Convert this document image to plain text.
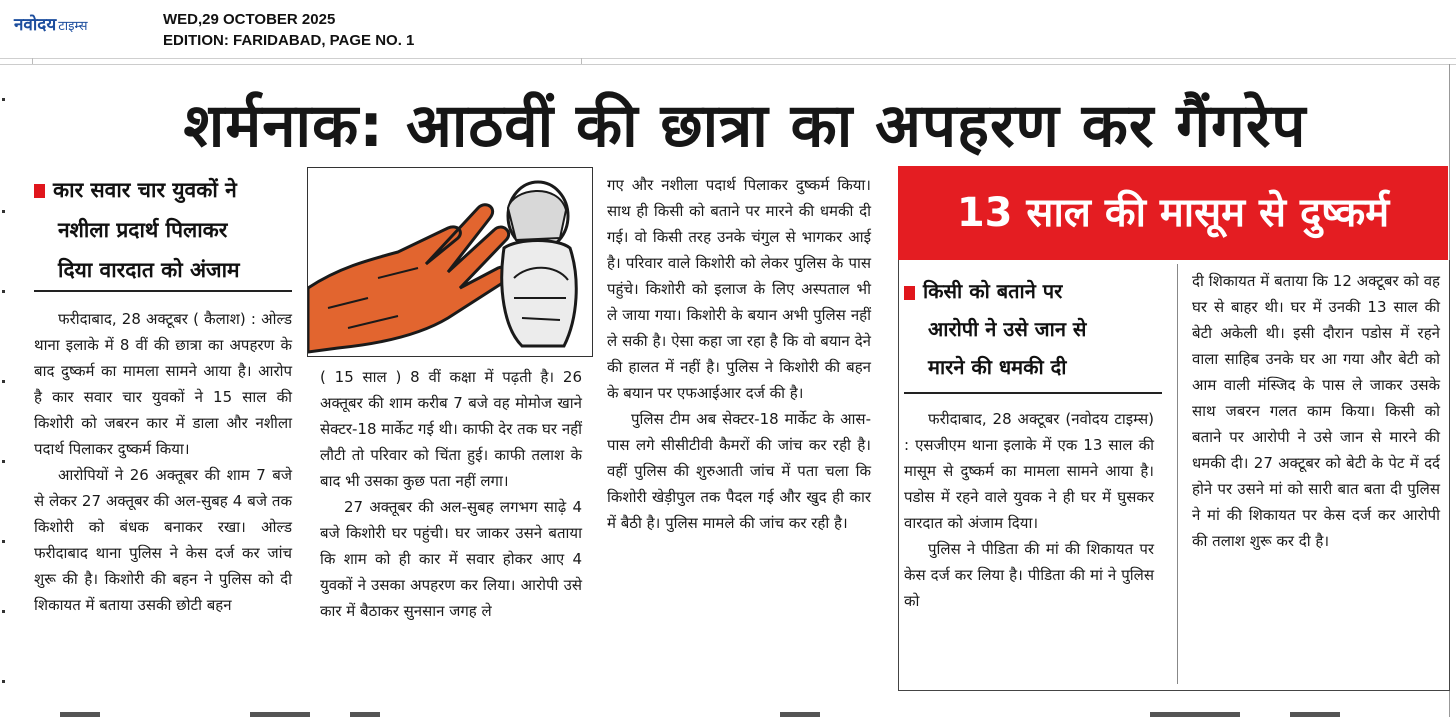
नवोदय टाइम्स	WED,29 OCTOBER 2025
EDITION: FARIDABAD, PAGE NO. 1
शर्मनाक: आठवीं की छात्रा का अपहरण कर गैंगरेप
कार सवार चार युवकों ने
नशीला प्रदार्थ पिलाकर
दिया वारदात को अंजाम

फरीदाबाद, 28 अक्टूबर ( कैलाश) : ओल्ड थाना इलाके में 8 वीं की छात्रा का अपहरण के बाद दुष्कर्म का मामला सामने आया है। आरोप है कार सवार चार युवकों ने 15 साल की किशोरी को जबरन कार में डाला और नशीला पदार्थ पिलाकर दुष्कर्म किया।

आरोपियों ने 26 अक्तूबर की शाम 7 बजे से लेकर 27 अक्तूबर की अल-सुबह 4 बजे तक किशोरी को बंधक बनाकर रखा। ओल्ड फरीदाबाद थाना पुलिस ने केस दर्ज कर जांच शुरू की है। किशोरी की बहन ने पुलिस को दी शिकायत में बताया उसकी छोटी बहन

( 15 साल ) 8 वीं कक्षा में पढ़ती है। 26 अक्तूबर की शाम करीब 7 बजे वह मोमोज खाने सेक्टर-18 मार्केट गई थी। काफी देर तक घर नहीं लौटी तो परिवार को चिंता हुई। काफी तलाश के बाद भी उसका कुछ पता नहीं लगा।

27 अक्तूबर की अल-सुबह लगभग साढ़े 4 बजे किशोरी घर पहुंची। घर जाकर उसने बताया कि शाम को ही कार में सवार होकर आए 4 युवकों ने उसका अपहरण कर लिया। आरोपी उसे कार में बैठाकर सुनसान जगह ले

गए और नशीला पदार्थ पिलाकर दुष्कर्म किया। साथ ही किसी को बताने पर मारने की धमकी दी गई। वो किसी तरह उनके चंगुल से भागकर आई है। परिवार वाले किशोरी को लेकर पुलिस के पास पहुंचे। किशोरी को इलाज के लिए अस्पताल भी ले जाया गया। किशोरी के बयान अभी पुलिस नहीं ले सकी है। ऐसा कहा जा रहा है कि वो बयान देने की हालत में नहीं है। पुलिस ने किशोरी की बहन के बयान पर एफआईआर दर्ज की है।

पुलिस टीम अब सेक्टर-18 मार्केट के आस-पास लगे सीसीटीवी कैमरों की जांच कर रही है। वहीं पुलिस की शुरुआती जांच में पता चला कि किशोरी खेड़ीपुल तक पैदल गई और खुद ही कार में बैठी है। पुलिस मामले की जांच कर रही है।

13 साल की मासूम से दुष्कर्म
किसी को बताने पर
आरोपी ने उसे जान से
मारने की धमकी दी

फरीदाबाद, 28 अक्टूबर (नवोदय टाइम्स) : एसजीएम थाना इलाके में एक 13 साल की मासूम से दुष्कर्म का मामला सामने आया है। पडोस में रहने वाले युवक ने ही घर में घुसकर वारदात को अंजाम दिया।

पुलिस ने पीडिता की मां की शिकायत पर केस दर्ज कर लिया है। पीडिता की मां ने पुलिस को

दी शिकायत में बताया कि 12 अक्टूबर को वह घर से बाहर थी। घर में उनकी 13 साल की बेटी अकेली थी। इसी दौरान पडोस में रहने वाला साहिब उनके घर आ गया और बेटी को आम वाली मंस्जिद के पास ले जाकर उसके साथ जबरन गलत काम किया। किसी को बताने पर आरोपी ने उसे जान से मारने की धमकी दी। 27 अक्टूबर को बेटी के पेट में दर्द होने पर उसने मां को सारी बात बता दी पुलिस ने मां की शिकायत पर केस दर्ज कर आरोपी की तलाश शुरू कर दी है।
